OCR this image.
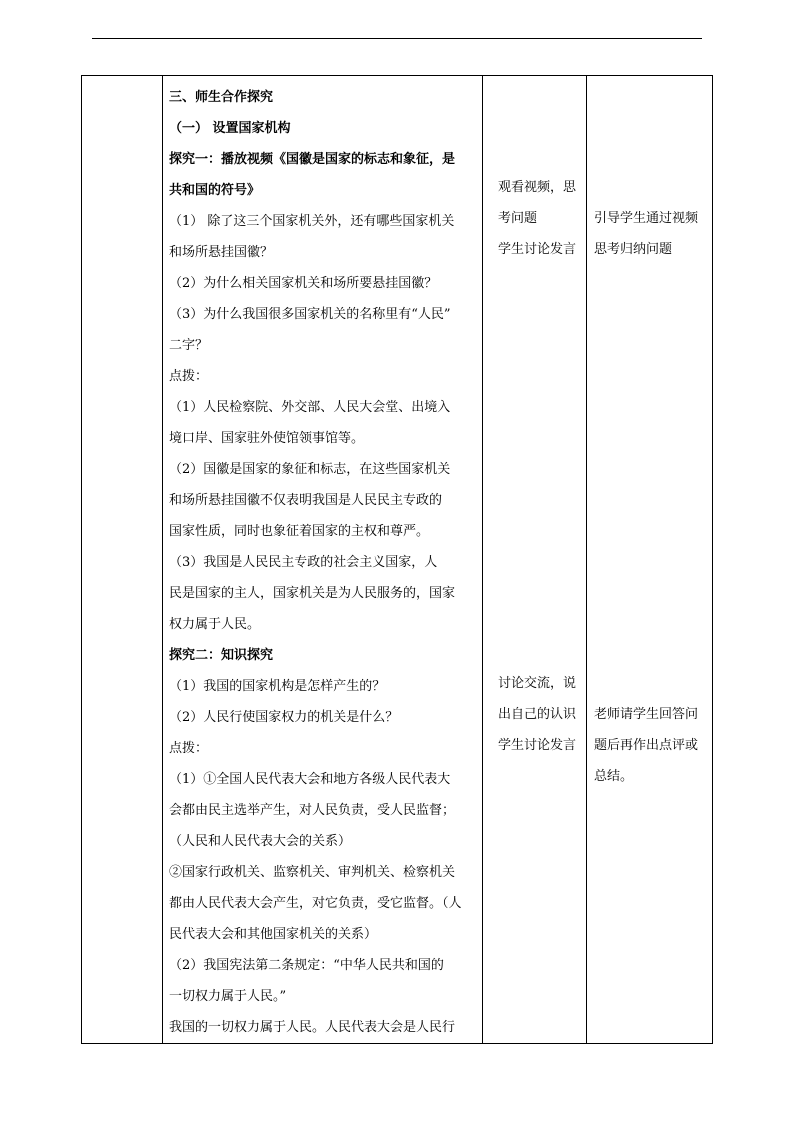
三、师生合作探究
（一） 设置国家机构
探究一：播放视频《国徽是国家的标志和象征，是
共和国的符号》
（1） 除了这三个国家机关外，还有哪些国家机关
和场所悬挂国徽？
（2）为什么相关国家机关和场所要悬挂国徽？
（3）为什么我国很多国家机关的名称里有“人民”
二字？
点拨：
（1）人民检察院、外交部、人民大会堂、出境入
境口岸、国家驻外使馆领事馆等。
（2）国徽是国家的象征和标志，在这些国家机关
和场所悬挂国徽不仅表明我国是人民民主专政的
国家性质，同时也象征着国家的主权和尊严。
（3）我国是人民民主专政的社会主义国家，人
民是国家的主人，国家机关是为人民服务的，国家
权力属于人民。
探究二：知识探究
（1）我国的国家机构是怎样产生的？
（2）人民行使国家权力的机关是什么？
点拨：
（1）①全国人民代表大会和地方各级人民代表大
会都由民主选举产生，对人民负责，受人民监督；
（人民和人民代表大会的关系）
②国家行政机关、监察机关、审判机关、检察机关
都由人民代表大会产生，对它负责，受它监督。（人
民代表大会和其他国家机关的关系）
（2）我国宪法第二条规定：“中华人民共和国的
一切权力属于人民。”
我国的一切权力属于人民。人民代表大会是人民行
观看视频，思
考问题
学生讨论发言
讨论交流，说
出自己的认识
学生讨论发言
引导学生通过视频
思考归纳问题
老师请学生回答问
题后再作出点评或
总结。
